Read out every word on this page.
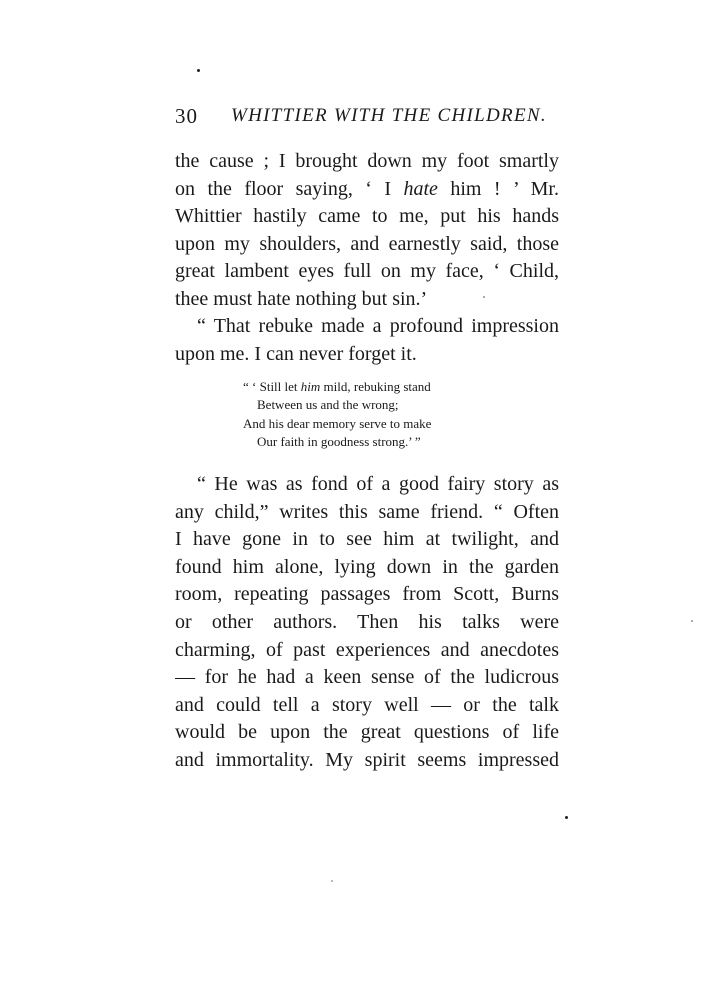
30 WHITTIER WITH THE CHILDREN.
the cause ; I brought down my foot smartly
on the floor saying, ‘ I hate him ! ’ Mr.
Whittier hastily came to me, put his hands
upon my shoulders, and earnestly said, those
great lambent eyes full on my face, ‘ Child,
thee must hate nothing but sin.’
“ That rebuke made a profound impression
upon me. I can never forget it.
“ ‘ Still let him mild, rebuking stand
Between us and the wrong;
And his dear memory serve to make
Our faith in goodness strong.’ ”
“ He was as fond of a good fairy story as
any child,” writes this same friend. “ Often
I have gone in to see him at twilight, and
found him alone, lying down in the garden
room, repeating passages from Scott, Burns
or other authors. Then his talks were
charming, of past experiences and anecdotes
— for he had a keen sense of the ludicrous
and could tell a story well — or the talk
would be upon the great questions of life
and immortality. My spirit seems impressed
